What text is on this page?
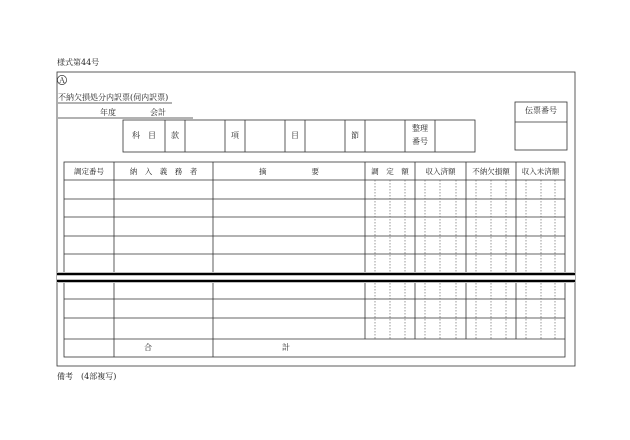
様式第44号
Ａ
不納欠損処分内訳票(伺内訳票)
年度	会計	伝票番号
科　目	款	項	目	節
整理
番号
調定番号	納　入　義　務　者	摘　　　　　　要	調　定　額	収入済額	不納欠損額	収入未済額
合	計
備考　(4部複写)
